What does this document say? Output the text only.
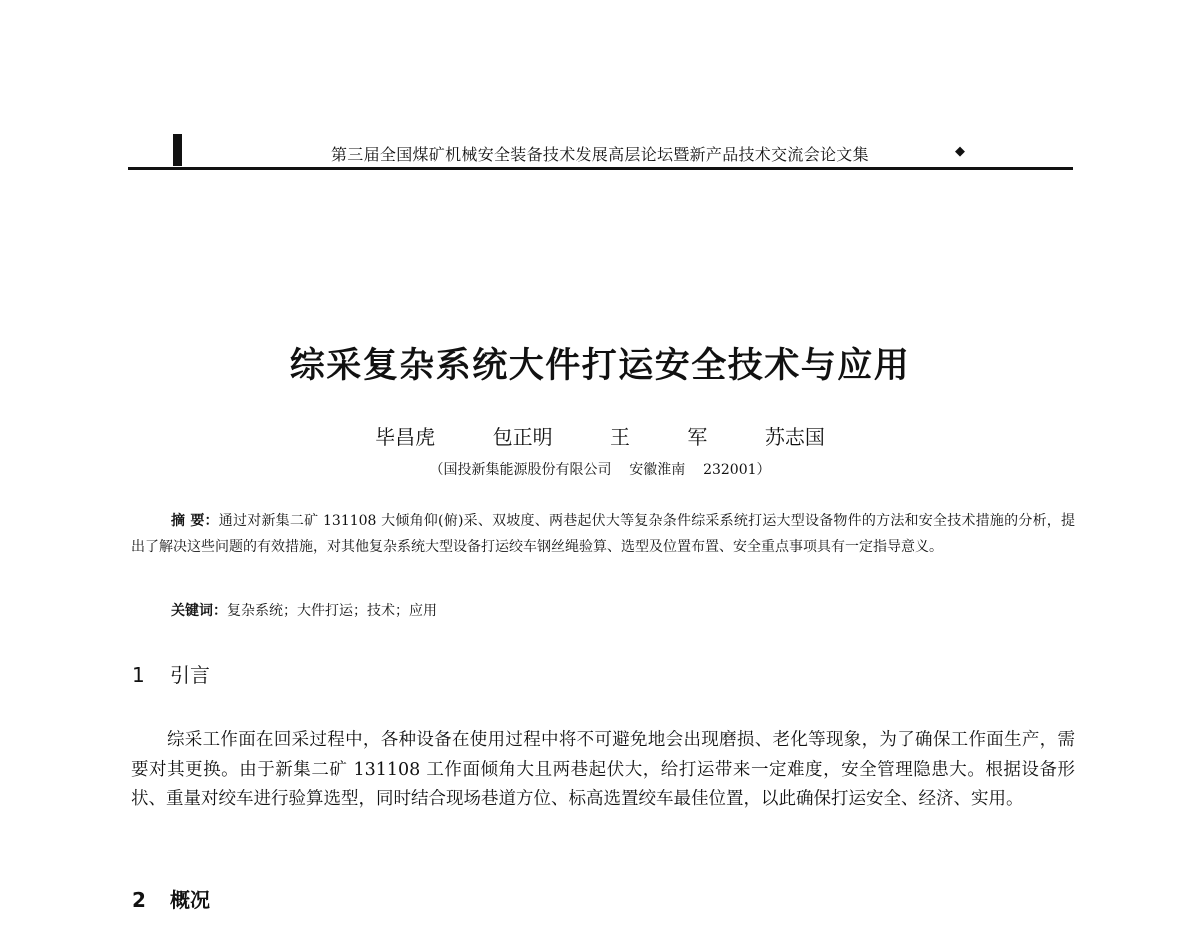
第三届全国煤矿机械安全装备技术发展高层论坛暨新产品技术交流会论文集	◆
综采复杂系统大件打运安全技术与应用
毕昌虎    包正明    王    军    苏志国
（国投新集能源股份有限公司    安徽淮南    232001）

摘 要：通过对新集二矿 131108 大倾角仰(俯)采、双坡度、两巷起伏大等复杂条件综采系统打运大型设备物件的方法和安全技术措施的分析，提出了解决这些问题的有效措施，对其他复杂系统大型设备打运绞车钢丝绳验算、选型及位置布置、安全重点事项具有一定指导意义。

关键词：复杂系统；大件打运；技术；应用
1 引言

综采工作面在回采过程中，各种设备在使用过程中将不可避免地会出现磨损、老化等现象，为了确保工作面生产，需要对其更换。由于新集二矿 131108 工作面倾角大且两巷起伏大，给打运带来一定难度，安全管理隐患大。根据设备形状、重量对绞车进行验算选型，同时结合现场巷道方位、标高选置绞车最佳位置，以此确保打运安全、经济、实用。

2 概况
